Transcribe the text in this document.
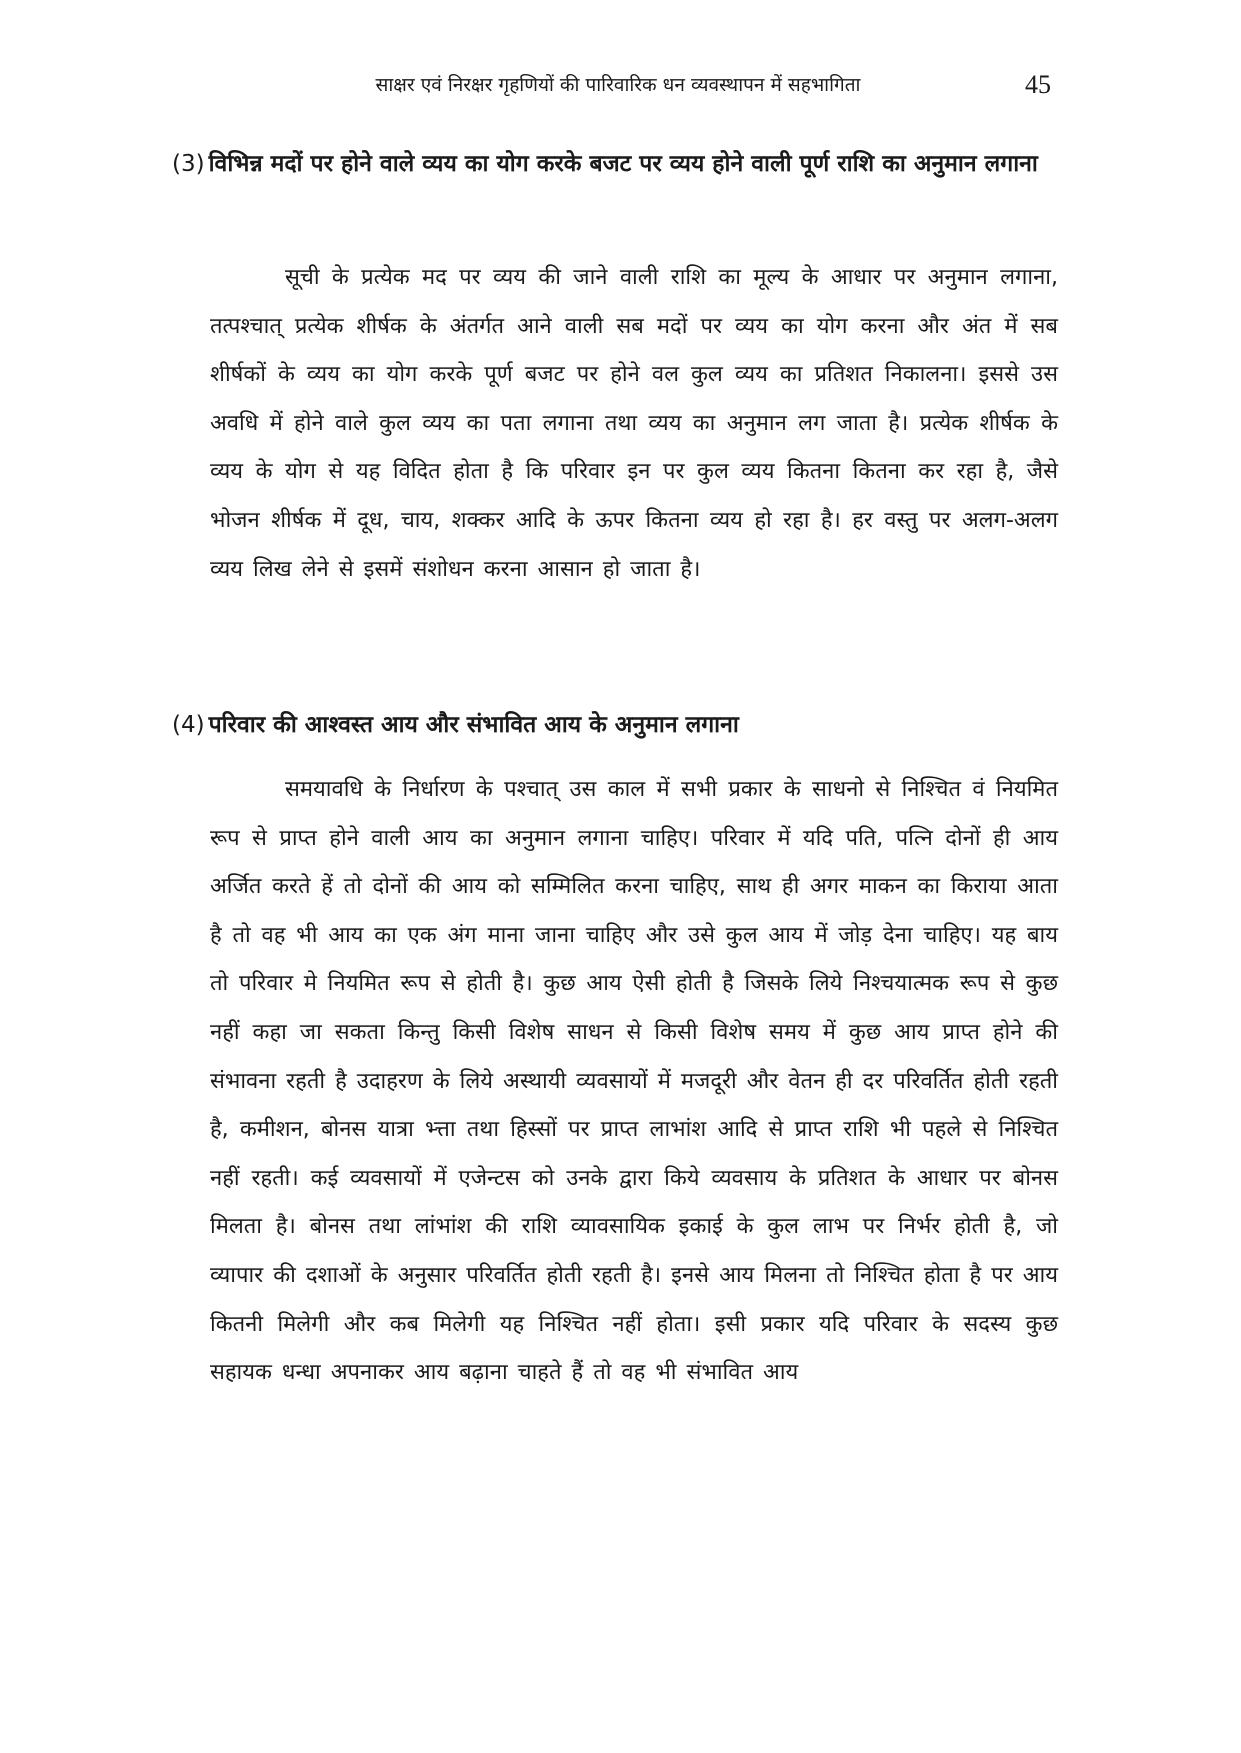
साक्षर एवं निरक्षर गृहणियों की पारिवारिक धन व्यवस्थापन में सहभागिता	45
(3) विभिन्न मदों पर होने वाले व्यय का योग करके बजट पर व्यय होने वाली पूर्ण राशि का अनुमान लगाना

सूची के प्रत्येक मद पर व्यय की जाने वाली राशि का मूल्य के आधार पर अनुमान लगाना, तत्पश्चात् प्रत्येक शीर्षक के अंतर्गत आने वाली सब मदों पर व्यय का योग करना और अंत में सब शीर्षकों के व्यय का योग करके पूर्ण बजट पर होने वल कुल व्यय का प्रतिशत निकालना। इससे उस अवधि में होने वाले कुल व्यय का पता लगाना तथा व्यय का अनुमान लग जाता है। प्रत्येक शीर्षक के व्यय के योग से यह विदित होता है कि परिवार इन पर कुल व्यय कितना कितना कर रहा है, जैसे भोजन शीर्षक में दूध, चाय, शक्कर आदि के ऊपर कितना व्यय हो रहा है। हर वस्तु पर अलग-अलग व्यय लिख लेने से इसमें संशोधन करना आसान हो जाता है।

(4) परिवार की आश्वस्त आय और संभावित आय के अनुमान लगाना

समयावधि के निर्धारण के पश्चात् उस काल में सभी प्रकार के साधनो से निश्चित वं नियमित रूप से प्राप्त होने वाली आय का अनुमान लगाना चाहिए। परिवार में यदि पति, पत्नि दोनों ही आय अर्जित करते हें तो दोनों की आय को सम्मिलित करना चाहिए, साथ ही अगर माकन का किराया आता है तो वह भी आय का एक अंग माना जाना चाहिए और उसे कुल आय में जोड़ देना चाहिए। यह बाय तो परिवार मे नियमित रूप से होती है। कुछ आय ऐसी होती है जिसके लिये निश्चयात्मक रूप से कुछ नहीं कहा जा सकता किन्तु किसी विशेष साधन से किसी विशेष समय में कुछ आय प्राप्त होने की संभावना रहती है उदाहरण के लिये अस्थायी व्यवसायों में मजदूरी और वेतन ही दर परिवर्तित होती रहती है, कमीशन, बोनस यात्रा भ्त्ता तथा हिस्सों पर प्राप्त लाभांश आदि से प्राप्त राशि भी पहले से निश्चित नहीं रहती। कई व्यवसायों में एजेन्टस को उनके द्वारा किये व्यवसाय के प्रतिशत के आधार पर बोनस मिलता है। बोनस तथा लांभांश की राशि व्यावसायिक इकाई के कुल लाभ पर निर्भर होती है, जो व्यापार की दशाओं के अनुसार परिवर्तित होती रहती है। इनसे आय मिलना तो निश्चित होता है पर आय कितनी मिलेगी और कब मिलेगी यह निश्चित नहीं होता। इसी प्रकार यदि परिवार के सदस्य कुछ सहायक धन्धा अपनाकर आय बढ़ाना चाहते हैं तो वह भी संभावित आय
